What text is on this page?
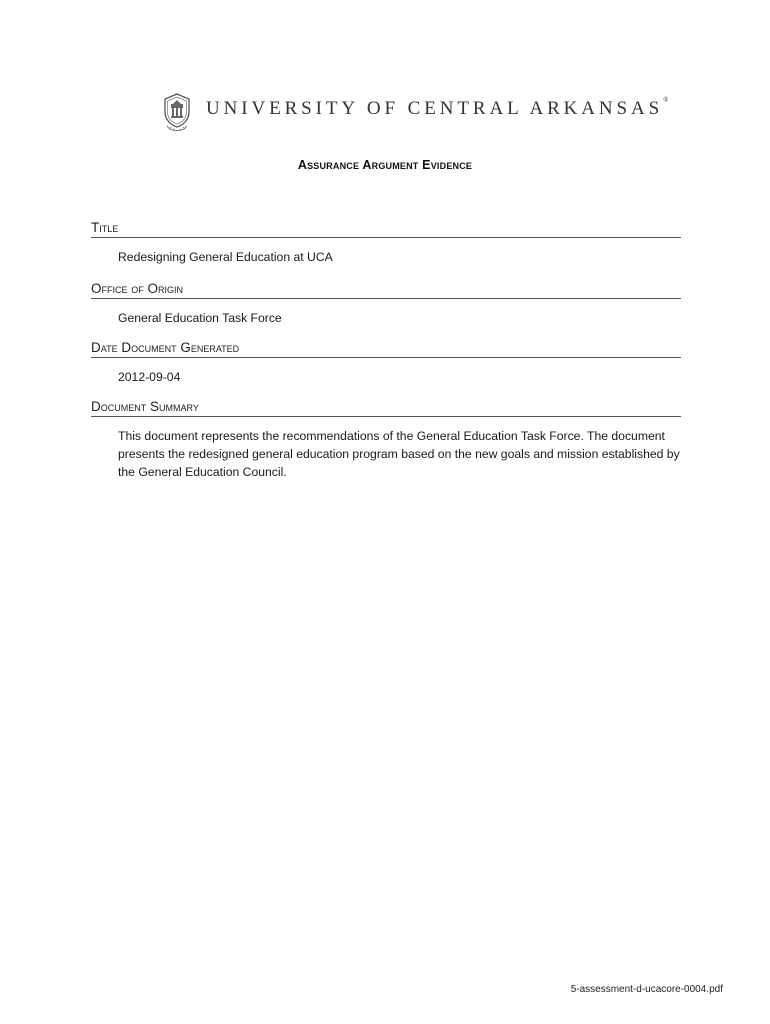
UNIVERSITY OF CENTRAL ARKANSAS®
Assurance Argument Evidence
Title
Redesigning General Education at UCA
Office of Origin
General Education Task Force
Date Document Generated
2012-09-04
Document Summary
This document represents the recommendations of the General Education Task Force. The document presents the redesigned general education program based on the new goals and mission established by the General Education Council.
5-assessment-d-ucacore-0004.pdf
